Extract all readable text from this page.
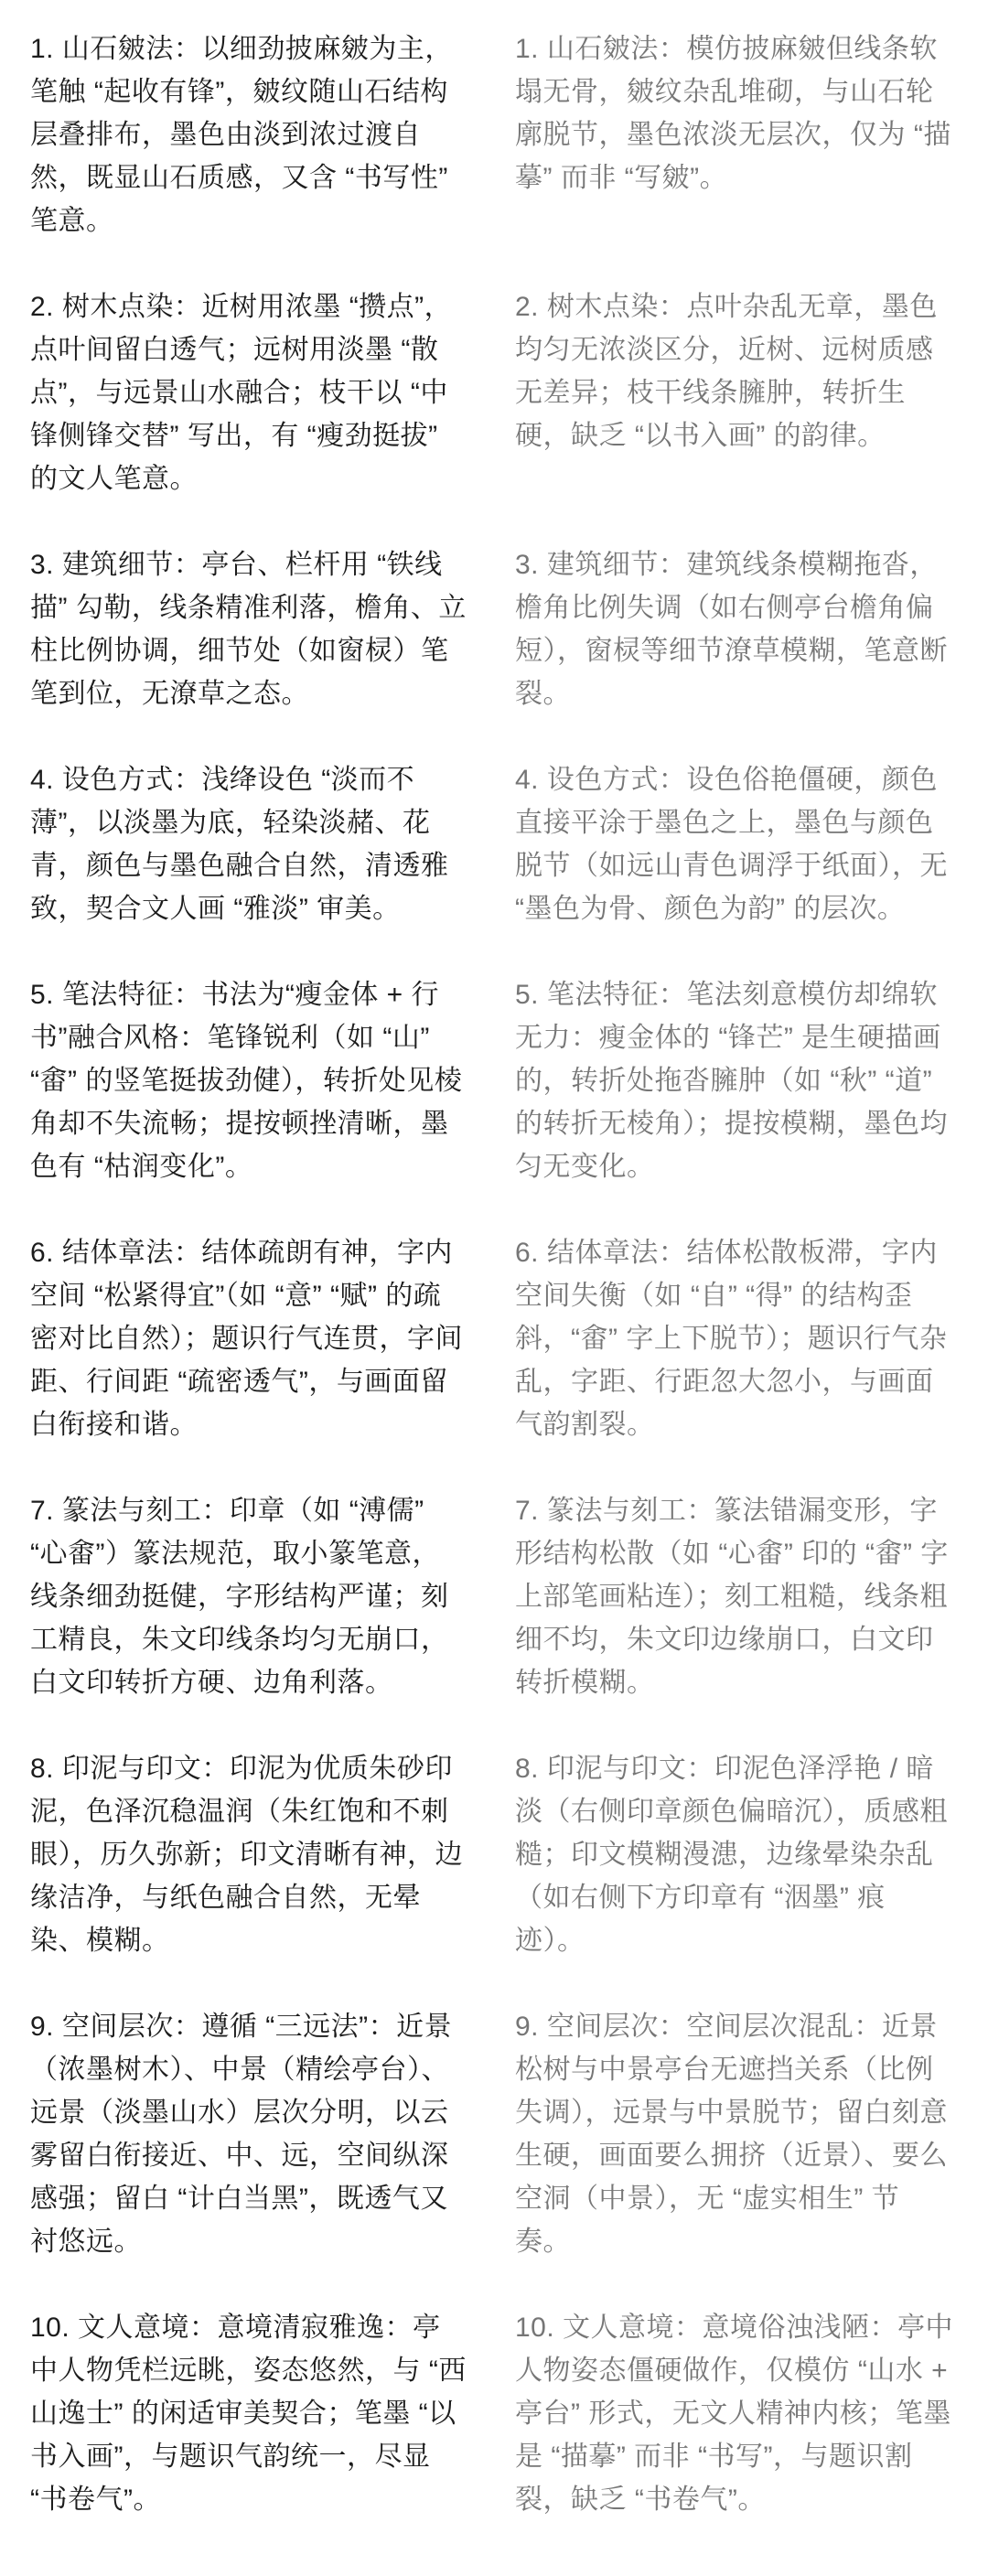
1. 山石皴法：以细劲披麻皴为主，笔触 “起收有锋”，皴纹随山石结构层叠排布，墨色由淡到浓过渡自然，既显山石质感，又含 “书写性” 笔意。
1. 山石皴法：模仿披麻皴但线条软塌无骨，皴纹杂乱堆砌，与山石轮廓脱节，墨色浓淡无层次，仅为 “描摹” 而非 “写皴”。
2. 树木点染：近树用浓墨 “攒点”，点叶间留白透气；远树用淡墨 “散点”，与远景山水融合；枝干以 “中锋侧锋交替” 写出，有 “瘦劲挺拔” 的文人笔意。
2. 树木点染：点叶杂乱无章，墨色均匀无浓淡区分，近树、远树质感无差异；枝干线条臃肿，转折生硬，缺乏 “以书入画” 的韵律。
3. 建筑细节：亭台、栏杆用 “铁线描” 勾勒，线条精准利落，檐角、立柱比例协调，细节处（如窗棂）笔笔到位，无潦草之态。
3. 建筑细节：建筑线条模糊拖沓，檐角比例失调（如右侧亭台檐角偏短），窗棂等细节潦草模糊，笔意断裂。
4. 设色方式：浅绛设色 “淡而不薄”，以淡墨为底，轻染淡赭、花青，颜色与墨色融合自然，清透雅致，契合文人画 “雅淡” 审美。
4. 设色方式：设色俗艳僵硬，颜色直接平涂于墨色之上，墨色与颜色脱节（如远山青色调浮于纸面），无 “墨色为骨、颜色为韵” 的层次。
5. 笔法特征：书法为“瘦金体 + 行书”融合风格：笔锋锐利（如 “山” “畬” 的竖笔挺拔劲健），转折处见棱角却不失流畅；提按顿挫清晰，墨色有 “枯润变化”。
5. 笔法特征：笔法刻意模仿却绵软无力：瘦金体的 “锋芒” 是生硬描画的，转折处拖沓臃肿（如 “秋” “道” 的转折无棱角）；提按模糊，墨色均匀无变化。
6. 结体章法：结体疏朗有神，字内空间 “松紧得宜”（如 “意” “赋” 的疏密对比自然）；题识行气连贯，字间距、行间距 “疏密透气”，与画面留白衔接和谐。
6. 结体章法：结体松散板滞，字内空间失衡（如 “自” “得” 的结构歪斜，“畬” 字上下脱节）；题识行气杂乱，字距、行距忽大忽小，与画面气韵割裂。
7. 篆法与刻工：印章（如 “溥儒” “心畬”）篆法规范，取小篆笔意，线条细劲挺健，字形结构严谨；刻工精良，朱文印线条均匀无崩口，白文印转折方硬、边角利落。
7. 篆法与刻工：篆法错漏变形，字形结构松散（如 “心畬” 印的 “畬” 字上部笔画粘连）；刻工粗糙，线条粗细不均，朱文印边缘崩口，白文印转折模糊。
8. 印泥与印文：印泥为优质朱砂印泥，色泽沉稳温润（朱红饱和不刺眼），历久弥新；印文清晰有神，边缘洁净，与纸色融合自然，无晕染、模糊。
8. 印泥与印文：印泥色泽浮艳 / 暗淡（右侧印章颜色偏暗沉），质感粗糙；印文模糊漫漶，边缘晕染杂乱（如右侧下方印章有 “洇墨” 痕迹）。
9. 空间层次：遵循 “三远法”：近景（浓墨树木）、中景（精绘亭台）、远景（淡墨山水）层次分明，以云雾留白衔接近、中、远，空间纵深感强；留白 “计白当黑”，既透气又衬悠远。
9. 空间层次：空间层次混乱：近景松树与中景亭台无遮挡关系（比例失调），远景与中景脱节；留白刻意生硬，画面要么拥挤（近景）、要么空洞（中景），无 “虚实相生” 节奏。
10. 文人意境：意境清寂雅逸：亭中人物凭栏远眺，姿态悠然，与 “西山逸士” 的闲适审美契合；笔墨 “以书入画”，与题识气韵统一，尽显 “书卷气”。
10. 文人意境：意境俗浊浅陋：亭中人物姿态僵硬做作，仅模仿 “山水 + 亭台” 形式，无文人精神内核；笔墨是 “描摹” 而非 “书写”，与题识割裂，缺乏 “书卷气”。
